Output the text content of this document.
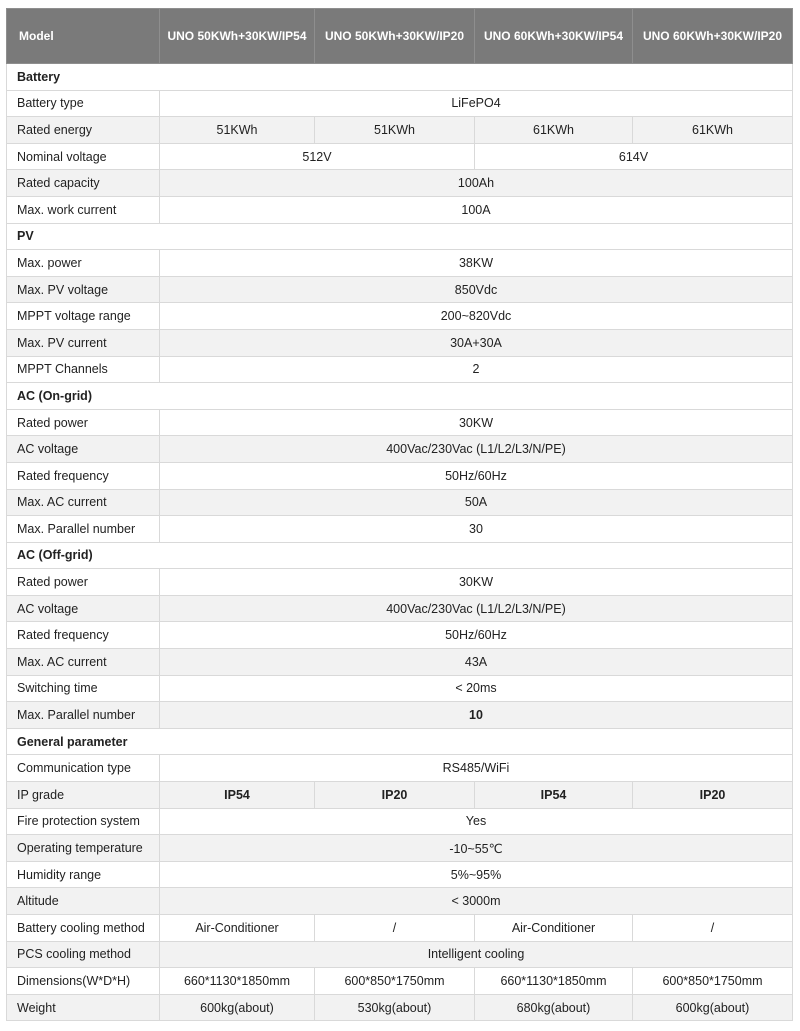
Model	UNO 50KWh+30KW/IP54	UNO 50KWh+30KW/IP20	UNO 60KWh+30KW/IP54	UNO 60KWh+30KW/IP20
Battery				
Battery type	LiFePO4			
Rated energy	51KWh	51KWh	61KWh	61KWh
Nominal voltage	512V		614V	
Rated capacity	100Ah			
Max. work current	100A			
PV				
Max. power	38KW			
Max. PV voltage	850Vdc			
MPPT voltage range	200~820Vdc			
Max. PV current	30A+30A			
MPPT Channels	2			
AC (On-grid)				
Rated power	30KW			
AC voltage	400Vac/230Vac (L1/L2/L3/N/PE)			
Rated frequency	50Hz/60Hz			
Max. AC current	50A			
Max. Parallel number	30			
AC (Off-grid)				
Rated power	30KW			
AC voltage	400Vac/230Vac (L1/L2/L3/N/PE)			
Rated frequency	50Hz/60Hz			
Max. AC current	43A			
Switching time	< 20ms			
Max. Parallel number	10			
General parameter				
Communication type	RS485/WiFi			
IP grade	IP54	IP20	IP54	IP20
Fire protection system	Yes			
Operating temperature	-10~55℃			
Humidity range	5%~95%			
Altitude	< 3000m			
Battery cooling method	Air-Conditioner	/	Air-Conditioner	/
PCS cooling method	Intelligent cooling			
Dimensions(W*D*H)	660*1130*1850mm	600*850*1750mm	660*1130*1850mm	600*850*1750mm
Weight	600kg(about)	530kg(about)	680kg(about)	600kg(about)
